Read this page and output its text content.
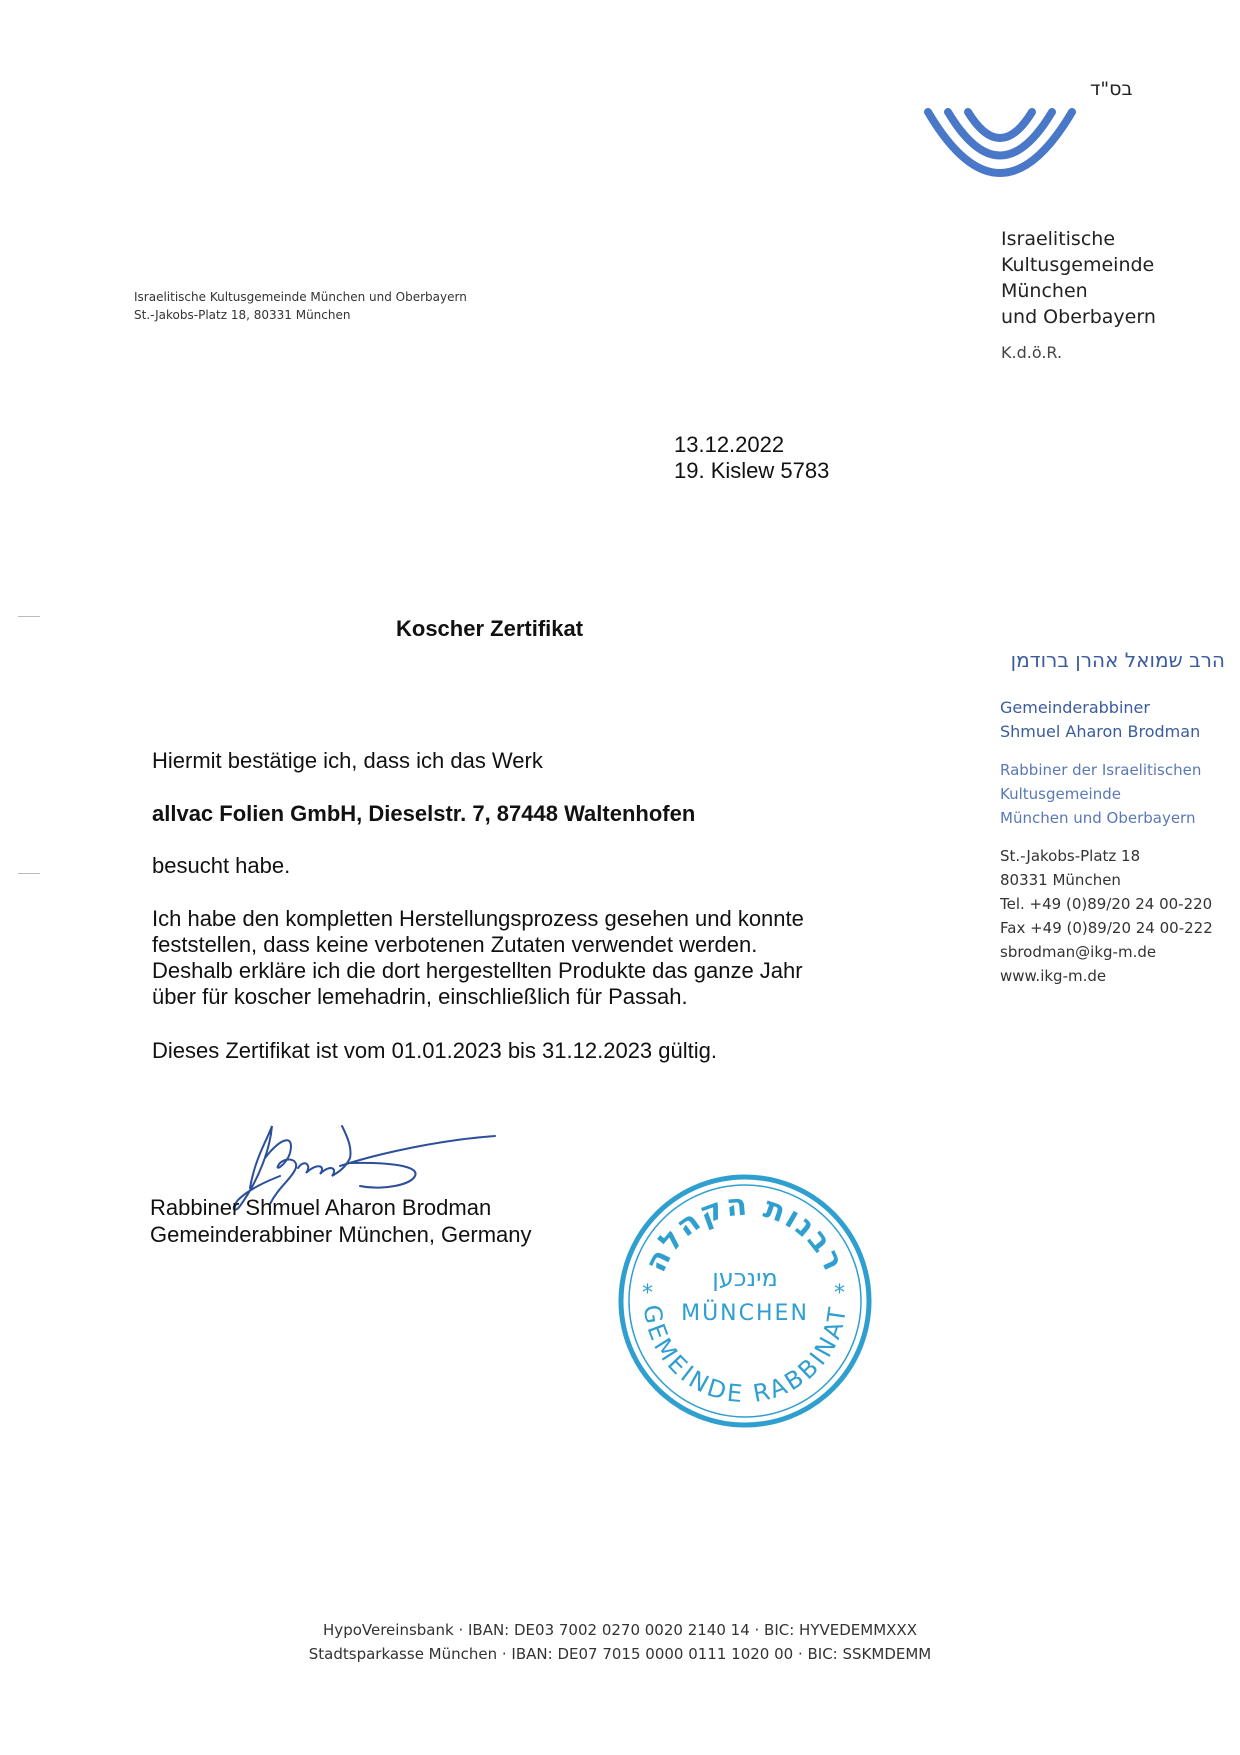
בס"ד
Israelitische
Kultusgemeinde
München
und Oberbayern
K.d.ö.R.
Israelitische Kultusgemeinde München und Oberbayern
St.-Jakobs-Platz 18, 80331 München
13.12.2022
19. Kislew 5783
Koscher Zertifikat
Hiermit bestätige ich, dass ich das Werk
allvac Folien GmbH, Dieselstr. 7, 87448 Waltenhofen
besucht habe.
Ich habe den kompletten Herstellungsprozess gesehen und konnte
feststellen, dass keine verbotenen Zutaten verwendet werden.
Deshalb erkläre ich die dort hergestellten Produkte das ganze Jahr
über für koscher lemehadrin, einschließlich für Passah.
Dieses Zertifikat ist vom 01.01.2023 bis 31.12.2023 gültig.
Rabbiner Shmuel Aharon Brodman
Gemeinderabbiner München, Germany
רבנות הקהלה
GEMEINDE RABBINAT
*	*
מינכען
MÜNCHEN
הרב שמואל אהרן ברודמן
Gemeinderabbiner
Shmuel Aharon Brodman
Rabbiner der Israelitischen
Kultusgemeinde
München und Oberbayern
St.-Jakobs-Platz 18
80331 München
Tel. +49 (0)89/20 24 00-220
Fax +49 (0)89/20 24 00-222
sbrodman@ikg-m.de
www.ikg-m.de
HypoVereinsbank · IBAN: DE03 7002 0270 0020 2140 14 · BIC: HYVEDEMMXXX
Stadtsparkasse München · IBAN: DE07 7015 0000 0111 1020 00 · BIC: SSKMDEMM
